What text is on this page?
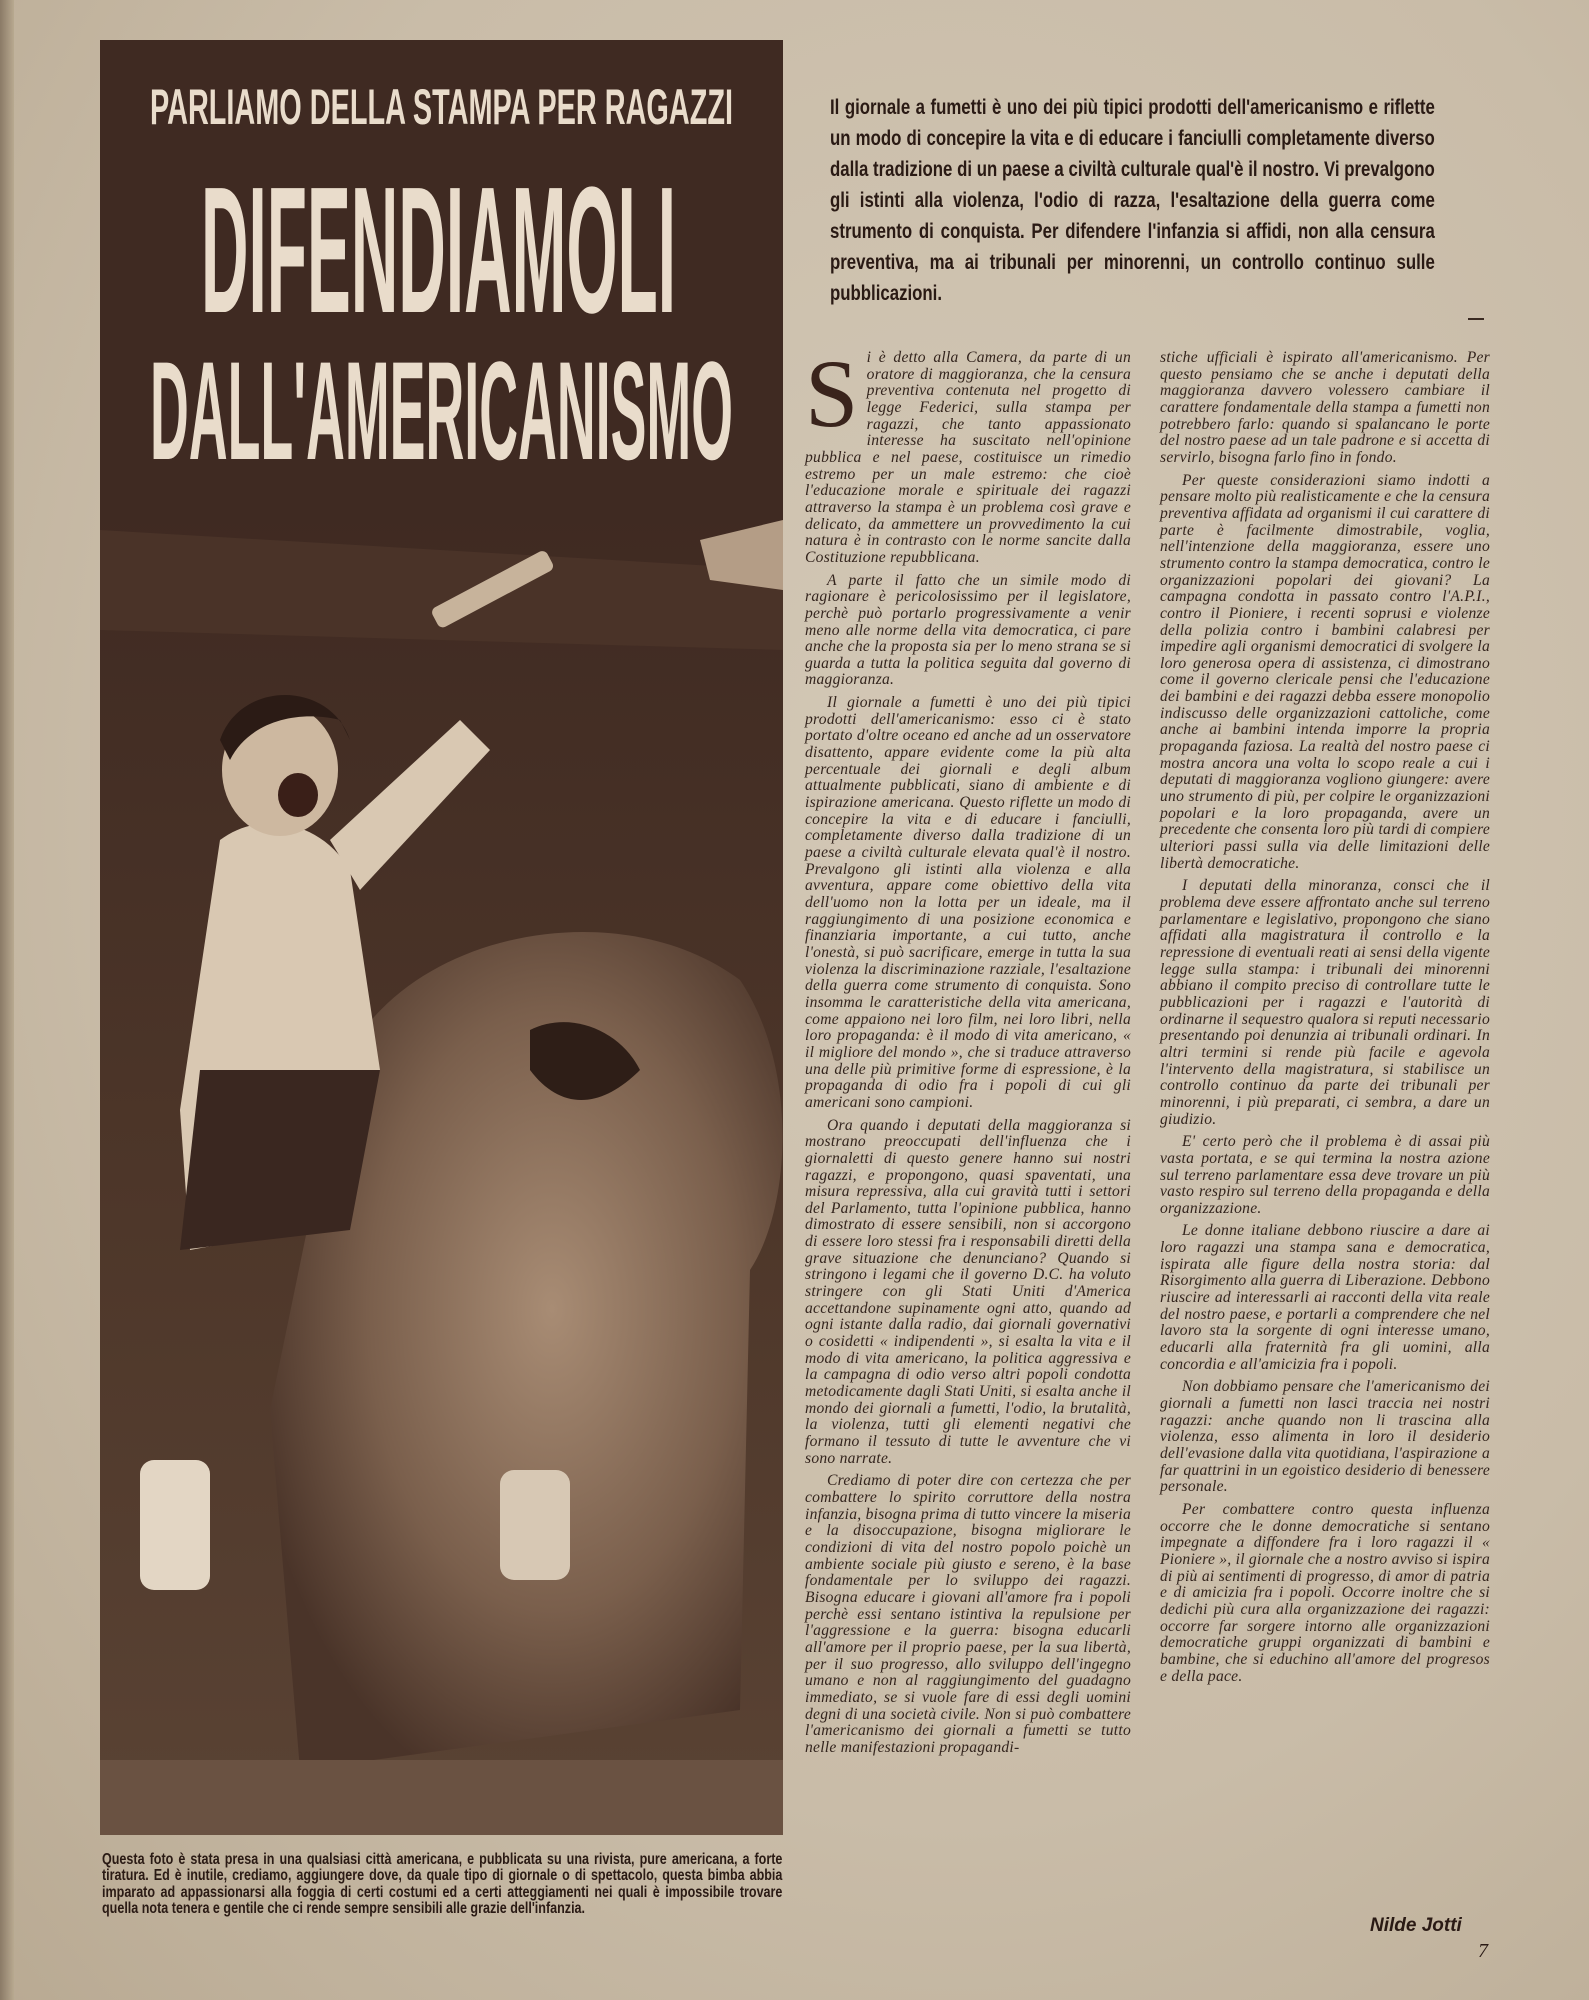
PARLIAMO DELLA STAMPA PER RAGAZZI
DIFENDIAMOLI
DALL'AMERICANISMO
Il giornale a fumetti è uno dei più tipici prodotti dell'americanismo e riflette un modo di concepire la vita e di educare i fanciulli completamente diverso dalla tradizione di un paese a civiltà culturale qual'è il nostro. Vi prevalgono gli istinti alla violenza, l'odio di razza, l'esaltazione della guerra come strumento di conquista. Per difendere l'infanzia si affidi, non alla censura preventiva, ma ai tribunali per minorenni, un controllo continuo sulle pubblicazioni.

Si è detto alla Camera, da parte di un oratore di maggioranza, che la censura preventiva contenuta nel progetto di legge Federici, sulla stampa per ragazzi, che tanto appassionato interesse ha suscitato nell'opinione pubblica e nel paese, costituisce un rimedio estremo per un male estremo: che cioè l'educazione morale e spirituale dei ragazzi attraverso la stampa è un problema così grave e delicato, da ammettere un provvedimento la cui natura è in contrasto con le norme sancite dalla Costituzione repubblicana.

A parte il fatto che un simile modo di ragionare è pericolosissimo per il legislatore, perchè può portarlo progressivamente a venir meno alle norme della vita democratica, ci pare anche che la proposta sia per lo meno strana se si guarda a tutta la politica seguita dal governo di maggioranza.

Il giornale a fumetti è uno dei più tipici prodotti dell'americanismo: esso ci è stato portato d'oltre oceano ed anche ad un osservatore disattento, appare evidente come la più alta percentuale dei giornali e degli album attualmente pubblicati, siano di ambiente e di ispirazione americana. Questo riflette un modo di concepire la vita e di educare i fanciulli, completamente diverso dalla tradizione di un paese a civiltà culturale elevata qual'è il nostro. Prevalgono gli istinti alla violenza e alla avventura, appare come obiettivo della vita dell'uomo non la lotta per un ideale, ma il raggiungimento di una posizione economica e finanziaria importante, a cui tutto, anche l'onestà, si può sacrificare, emerge in tutta la sua violenza la discriminazione razziale, l'esaltazione della guerra come strumento di conquista. Sono insomma le caratteristiche della vita americana, come appaiono nei loro film, nei loro libri, nella loro propaganda: è il modo di vita americano, « il migliore del mondo », che si traduce attraverso una delle più primitive forme di espressione, è la propaganda di odio fra i popoli di cui gli americani sono campioni.

Ora quando i deputati della maggioranza si mostrano preoccupati dell'influenza che i giornaletti di questo genere hanno sui nostri ragazzi, e propongono, quasi spaventati, una misura repressiva, alla cui gravità tutti i settori del Parlamento, tutta l'opinione pubblica, hanno dimostrato di essere sensibili, non si accorgono di essere loro stessi fra i responsabili diretti della grave situazione che denunciano? Quando si stringono i legami che il governo D.C. ha voluto stringere con gli Stati Uniti d'America accettandone supinamente ogni atto, quando ad ogni istante dalla radio, dai giornali governativi o cosidetti « indipendenti », si esalta la vita e il modo di vita americano, la politica aggressiva e la campagna di odio verso altri popoli condotta metodicamente dagli Stati Uniti, si esalta anche il mondo dei giornali a fumetti, l'odio, la brutalità, la violenza, tutti gli elementi negativi che formano il tessuto di tutte le avventure che vi sono narrate.

Crediamo di poter dire con certezza che per combattere lo spirito corruttore della nostra infanzia, bisogna prima di tutto vincere la miseria e la disoccupazione, bisogna migliorare le condizioni di vita del nostro popolo poichè un ambiente sociale più giusto e sereno, è la base fondamentale per lo sviluppo dei ragazzi. Bisogna educare i giovani all'amore fra i popoli perchè essi sentano istintiva la repulsione per l'aggressione e la guerra: bisogna educarli all'amore per il proprio paese, per la sua libertà, per il suo progresso, allo sviluppo dell'ingegno umano e non al raggiungimento del guadagno immediato, se si vuole fare di essi degli uomini degni di una società civile. Non si può combattere l'americanismo dei giornali a fumetti se tutto nelle manifestazioni propagandi-

stiche ufficiali è ispirato all'americanismo. Per questo pensiamo che se anche i deputati della maggioranza davvero volessero cambiare il carattere fondamentale della stampa a fumetti non potrebbero farlo: quando si spalancano le porte del nostro paese ad un tale padrone e si accetta di servirlo, bisogna farlo fino in fondo.

Per queste considerazioni siamo indotti a pensare molto più realisticamente e che la censura preventiva affidata ad organismi il cui carattere di parte è facilmente dimostrabile, voglia, nell'intenzione della maggioranza, essere uno strumento contro la stampa democratica, contro le organizzazioni popolari dei giovani? La campagna condotta in passato contro l'A.P.I., contro il Pioniere, i recenti soprusi e violenze della polizia contro i bambini calabresi per impedire agli organismi democratici di svolgere la loro generosa opera di assistenza, ci dimostrano come il governo clericale pensi che l'educazione dei bambini e dei ragazzi debba essere monopolio indiscusso delle organizzazioni cattoliche, come anche ai bambini intenda imporre la propria propaganda faziosa. La realtà del nostro paese ci mostra ancora una volta lo scopo reale a cui i deputati di maggioranza vogliono giungere: avere uno strumento di più, per colpire le organizzazioni popolari e la loro propaganda, avere un precedente che consenta loro più tardi di compiere ulteriori passi sulla via delle limitazioni delle libertà democratiche.

I deputati della minoranza, consci che il problema deve essere affrontato anche sul terreno parlamentare e legislativo, propongono che siano affidati alla magistratura il controllo e la repressione di eventuali reati ai sensi della vigente legge sulla stampa: i tribunali dei minorenni abbiano il compito preciso di controllare tutte le pubblicazioni per i ragazzi e l'autorità di ordinarne il sequestro qualora si reputi necessario presentando poi denunzia ai tribunali ordinari. In altri termini si rende più facile e agevola l'intervento della magistratura, si stabilisce un controllo continuo da parte dei tribunali per minorenni, i più preparati, ci sembra, a dare un giudizio.

E' certo però che il problema è di assai più vasta portata, e se qui termina la nostra azione sul terreno parlamentare essa deve trovare un più vasto respiro sul terreno della propaganda e della organizzazione.

Le donne italiane debbono riuscire a dare ai loro ragazzi una stampa sana e democratica, ispirata alle figure della nostra storia: dal Risorgimento alla guerra di Liberazione. Debbono riuscire ad interessarli ai racconti della vita reale del nostro paese, e portarli a comprendere che nel lavoro sta la sorgente di ogni interesse umano, educarli alla fraternità fra gli uomini, alla concordia e all'amicizia fra i popoli.

Non dobbiamo pensare che l'americanismo dei giornali a fumetti non lasci traccia nei nostri ragazzi: anche quando non li trascina alla violenza, esso alimenta in loro il desiderio dell'evasione dalla vita quotidiana, l'aspirazione a far quattrini in un egoistico desiderio di benessere personale.

Per combattere contro questa influenza occorre che le donne democratiche si sentano impegnate a diffondere fra i loro ragazzi il « Pioniere », il giornale che a nostro avviso si ispira di più ai sentimenti di progresso, di amor di patria e di amicizia fra i popoli. Occorre inoltre che si dedichi più cura alla organizzazione dei ragazzi: occorre far sorgere intorno alle organizzazioni democratiche gruppi organizzati di bambini e bambine, che si educhino all'amore del progresos e della pace.

Questa foto è stata presa in una qualsiasi città americana, e pubblicata su una rivista, pure americana, a forte tiratura. Ed è inutile, crediamo, aggiungere dove, da quale tipo di giornale o di spettacolo, questa bimba abbia imparato ad appassionarsi alla foggia di certi costumi ed a certi atteggiamenti nei quali è impossibile trovare quella nota tenera e gentile che ci rende sempre sensibili alle grazie dell'infanzia.
Nilde Jotti
7
